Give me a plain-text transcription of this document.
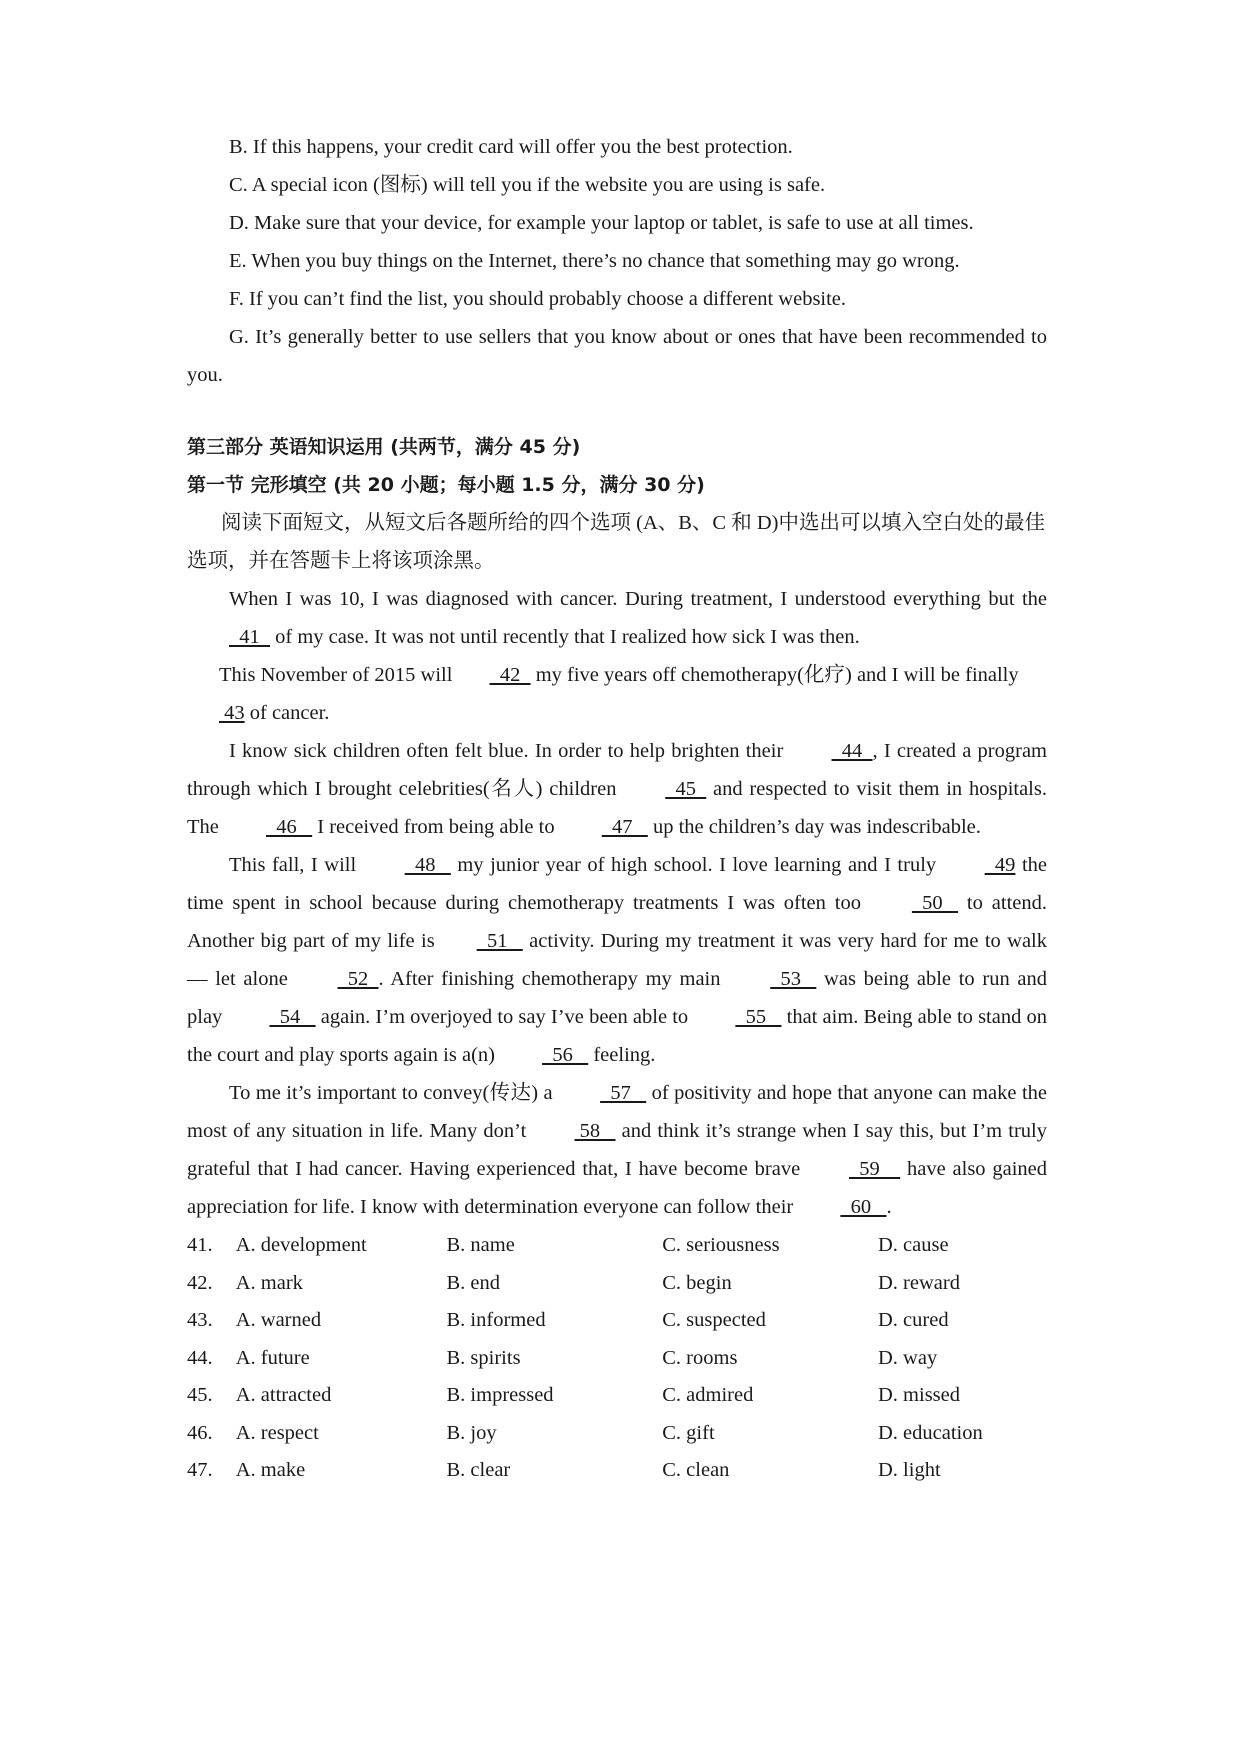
B. If this happens, your credit card will offer you the best protection.
C. A special icon (图标) will tell you if the website you are using is safe.
D. Make sure that your device, for example your laptop or tablet, is safe to use at all times.
E. When you buy things on the Internet, there’s no chance that something may go wrong.
F. If you can’t find the list, you should probably choose a different website.
G. It’s generally better to use sellers that you know about or ones that have been recommended to you.
第三部分 英语知识运用 (共两节，满分 45 分)
第一节 完形填空 (共 20 小题；每小题 1.5 分，满分 30 分)
阅读下面短文，从短文后各题所给的四个选项 (A、B、C 和 D)中选出可以填入空白处的最佳选项，并在答题卡上将该项涂黑。
When I was 10, I was diagnosed with cancer. During treatment, I understood everything but the   41   of my case. It was not until recently that I realized how sick I was then.
This November of 2015 will   42   my five years off chemotherapy(化疗) and I will be finally  43 of cancer.
I know sick children often felt blue. In order to help brighten their   44  , I created a program through which I brought celebrities(名人) children   45   and respected to visit them in hospitals. The   46    I received from being able to   47    up the children’s day was indescribable.
This fall, I will   48    my junior year of high school. I love learning and I truly   49 the time spent in school because during chemotherapy treatments I was often too   50    to attend. Another big part of my life is  51    activity. During my treatment it was very hard for me to walk — let alone   52  . After finishing chemotherapy my main   53    was being able to run and play   54    again. I’m overjoyed to say I’ve been able to   55    that aim. Being able to stand on the court and play sports again is a(n)   56    feeling.
To me it’s important to convey(传达) a   57    of positivity and hope that anyone can make the most of any situation in life. Many don’t  58    and think it’s strange when I say this, but I’m truly grateful that I had cancer. Having experienced that, I have become brave   59     have also gained appreciation for life. I know with determination everyone can follow their   60   .
41.	A. development	B. name	C. seriousness	D. cause
42.	A. mark	B. end	C. begin	D. reward
43.	A. warned	B. informed	C. suspected	D. cured
44.	A. future	B. spirits	C. rooms	D. way
45.	A. attracted	B. impressed	C. admired	D. missed
46.	A. respect	B. joy	C. gift	D. education
47.	A. make	B. clear	C. clean	D. light
